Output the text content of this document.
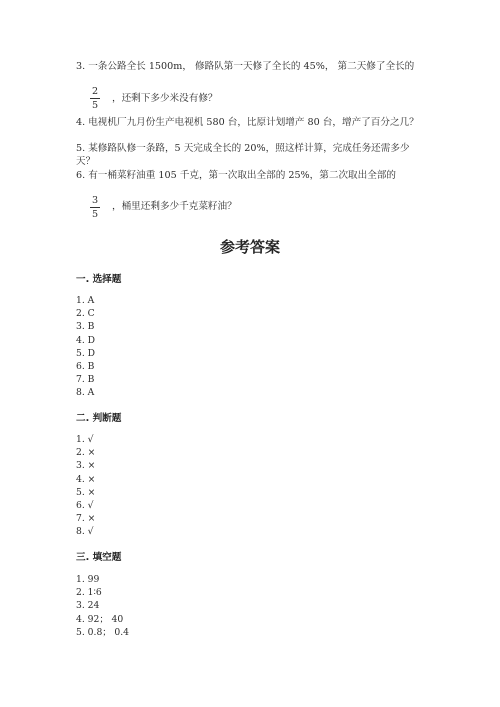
3. 一条公路全长 1500m， 修路队第一天修了全长的 45%， 第二天修了全长的
2
5
，还剩下多少米没有修？
4. 电视机厂九月份生产电视机 580 台，比原计划增产 80 台，增产了百分之几？
5. 某修路队修一条路，5 天完成全长的 20%，照这样计算，完成任务还需多少
天？
6. 有一桶菜籽油重 105 千克，第一次取出全部的 25%，第二次取出全部的
3
5
，桶里还剩多少千克菜籽油？
参考答案
一. 选择题
1. A
2. C
3. B
4. D
5. D
6. B
7. B
8. A
二. 判断题
1. √
2. ×
3. ×
4. ×
5. ×
6. √
7. ×
8. √
三. 填空题
1. 99
2. 1∶6
3. 24
4. 92； 40
5. 0.8； 0.4
